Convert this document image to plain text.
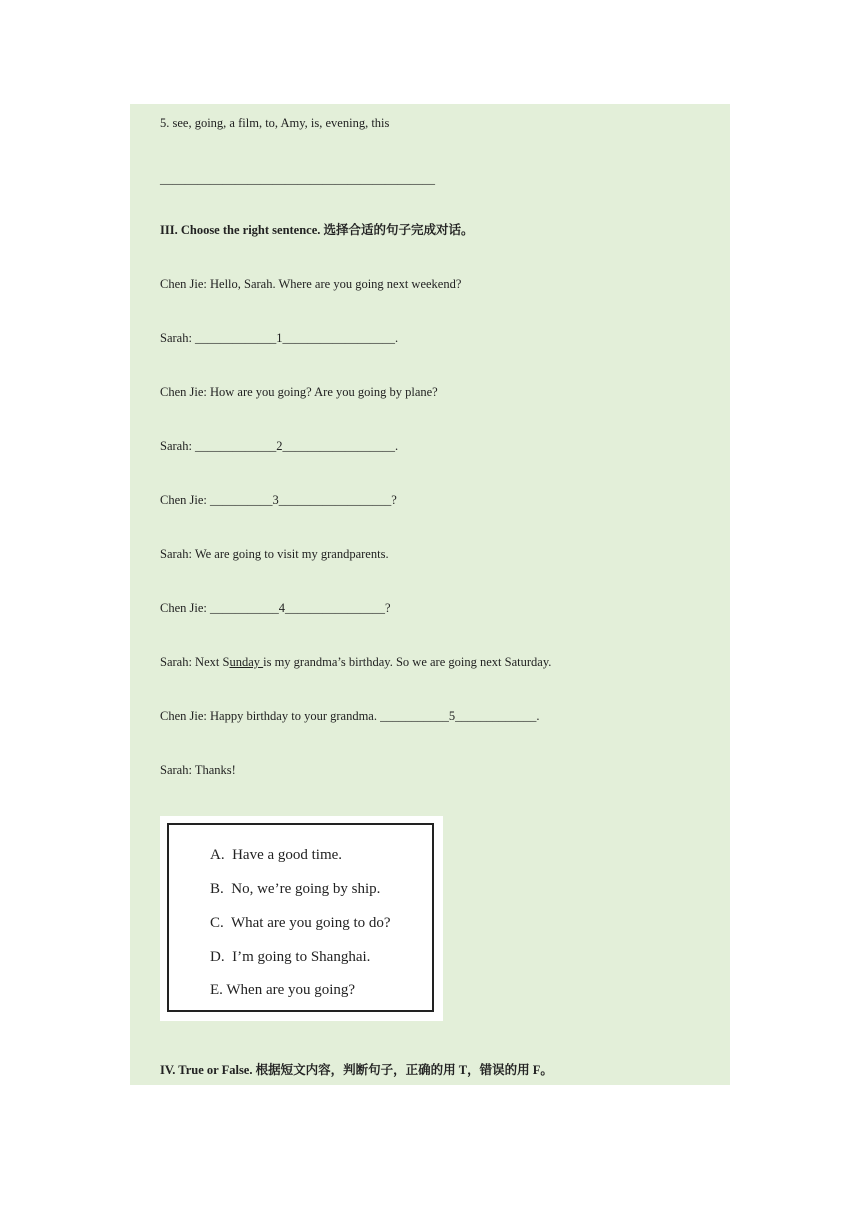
5. see, going, a film, to, Amy, is, evening, this
____________________________________________
III. Choose the right sentence. 选择合适的句子完成对话。
Chen Jie: Hello, Sarah. Where are you going next weekend?
Sarah: _____________1__________________.
Chen Jie: How are you going? Are you going by plane?
Sarah: _____________2__________________.
Chen Jie: __________3__________________?
Sarah: We are going to visit my grandparents.
Chen Jie: ___________4________________?
Sarah: Next Sunday is my grandma’s birthday. So we are going next Saturday.
Chen Jie: Happy birthday to your grandma. ___________5_____________.
Sarah: Thanks!
A.  Have a good time.
B.  No, we’re going by ship.
C.  What are you going to do?
D.  I’m going to Shanghai.
E. When are you going?
IV. True or False. 根据短文内容，判断句子，正确的用 T，错误的用 F。
